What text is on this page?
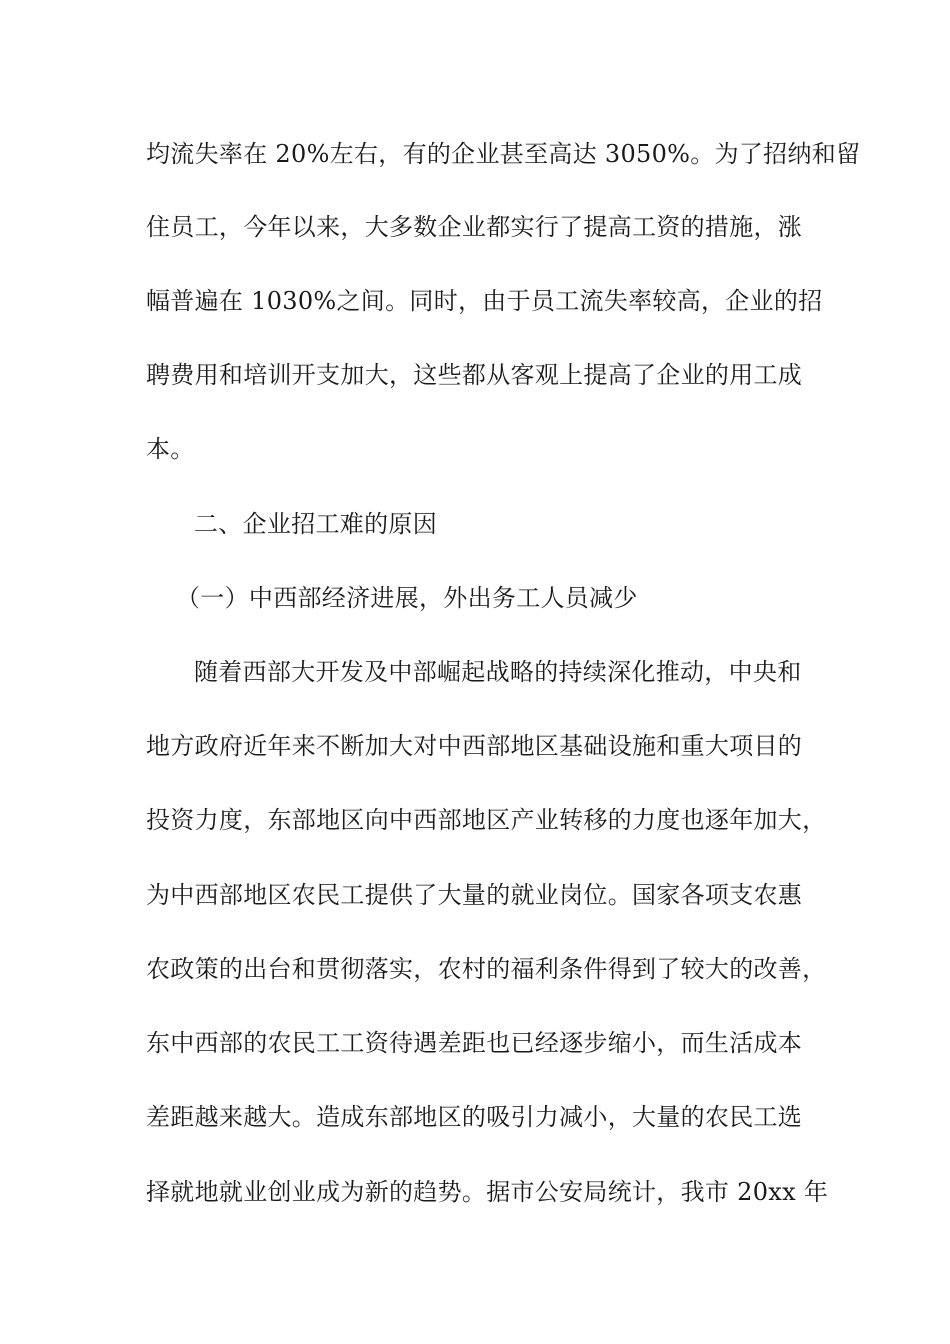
均流失率在 20%左右，有的企业甚至高达 3050%。为了招纳和留
住员工，今年以来，大多数企业都实行了提高工资的措施，涨
幅普遍在 1030%之间。同时，由于员工流失率较高，企业的招
聘费用和培训开支加大，这些都从客观上提高了企业的用工成
本。
二、企业招工难的原因
（一）中西部经济进展，外出务工人员减少
随着西部大开发及中部崛起战略的持续深化推动，中央和
地方政府近年来不断加大对中西部地区基础设施和重大项目的
投资力度，东部地区向中西部地区产业转移的力度也逐年加大，
为中西部地区农民工提供了大量的就业岗位。国家各项支农惠
农政策的出台和贯彻落实，农村的福利条件得到了较大的改善，
东中西部的农民工工资待遇差距也已经逐步缩小，而生活成本
差距越来越大。造成东部地区的吸引力减小，大量的农民工选
择就地就业创业成为新的趋势。据市公安局统计，我市 20xx 年
